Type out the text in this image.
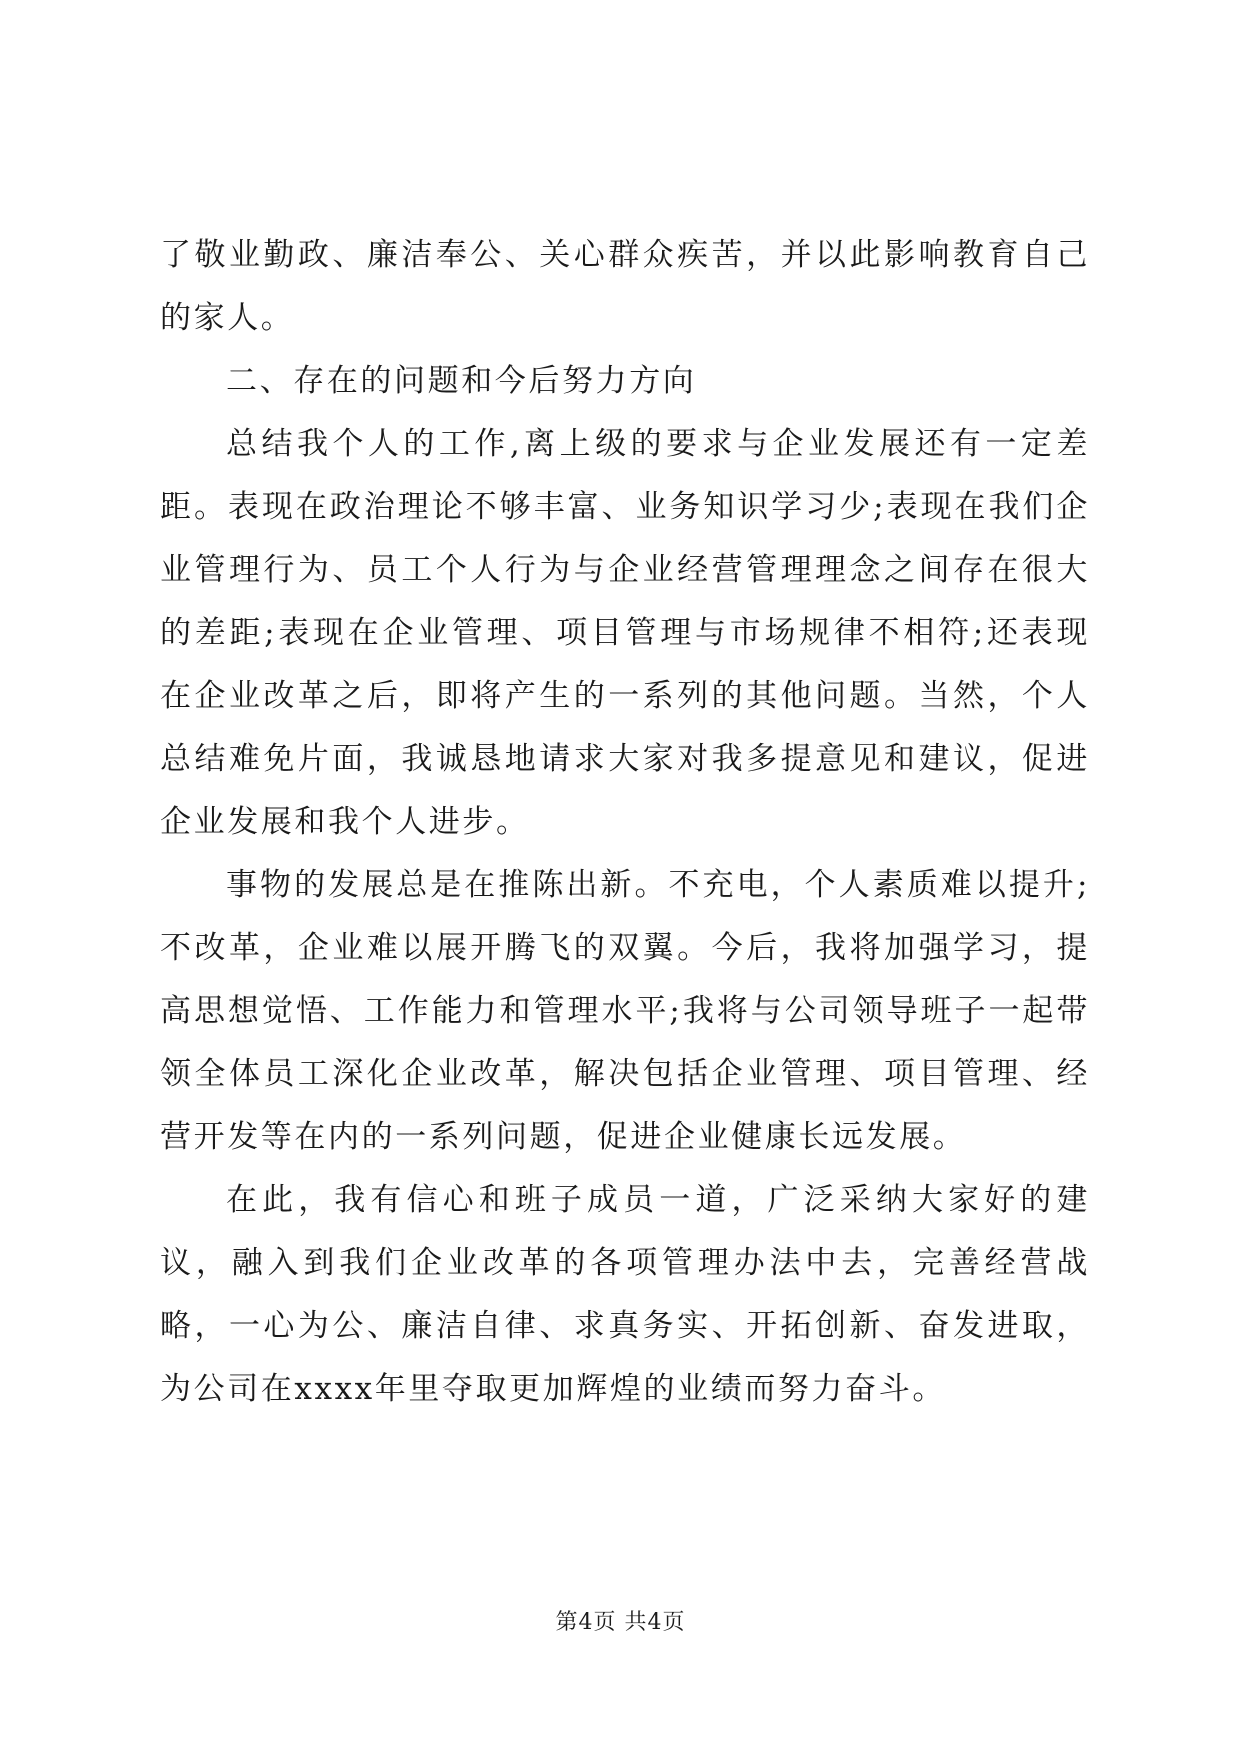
了敬业勤政、廉洁奉公、关心群众疾苦，并以此影响教育自己的家人。

二、存在的问题和今后努力方向

总结我个人的工作,离上级的要求与企业发展还有一定差距。表现在政治理论不够丰富、业务知识学习少;表现在我们企业管理行为、员工个人行为与企业经营管理理念之间存在很大的差距;表现在企业管理、项目管理与市场规律不相符;还表现在企业改革之后，即将产生的一系列的其他问题。当然，个人总结难免片面，我诚恳地请求大家对我多提意见和建议，促进企业发展和我个人进步。

事物的发展总是在推陈出新。不充电，个人素质难以提升;不改革，企业难以展开腾飞的双翼。今后，我将加强学习，提高思想觉悟、工作能力和管理水平;我将与公司领导班子一起带领全体员工深化企业改革，解决包括企业管理、项目管理、经营开发等在内的一系列问题，促进企业健康长远发展。

在此，我有信心和班子成员一道，广泛采纳大家好的建议，融入到我们企业改革的各项管理办法中去，完善经营战略，一心为公、廉洁自律、求真务实、开拓创新、奋发进取，为公司在xxxx年里夺取更加辉煌的业绩而努力奋斗。

第4页 共4页
